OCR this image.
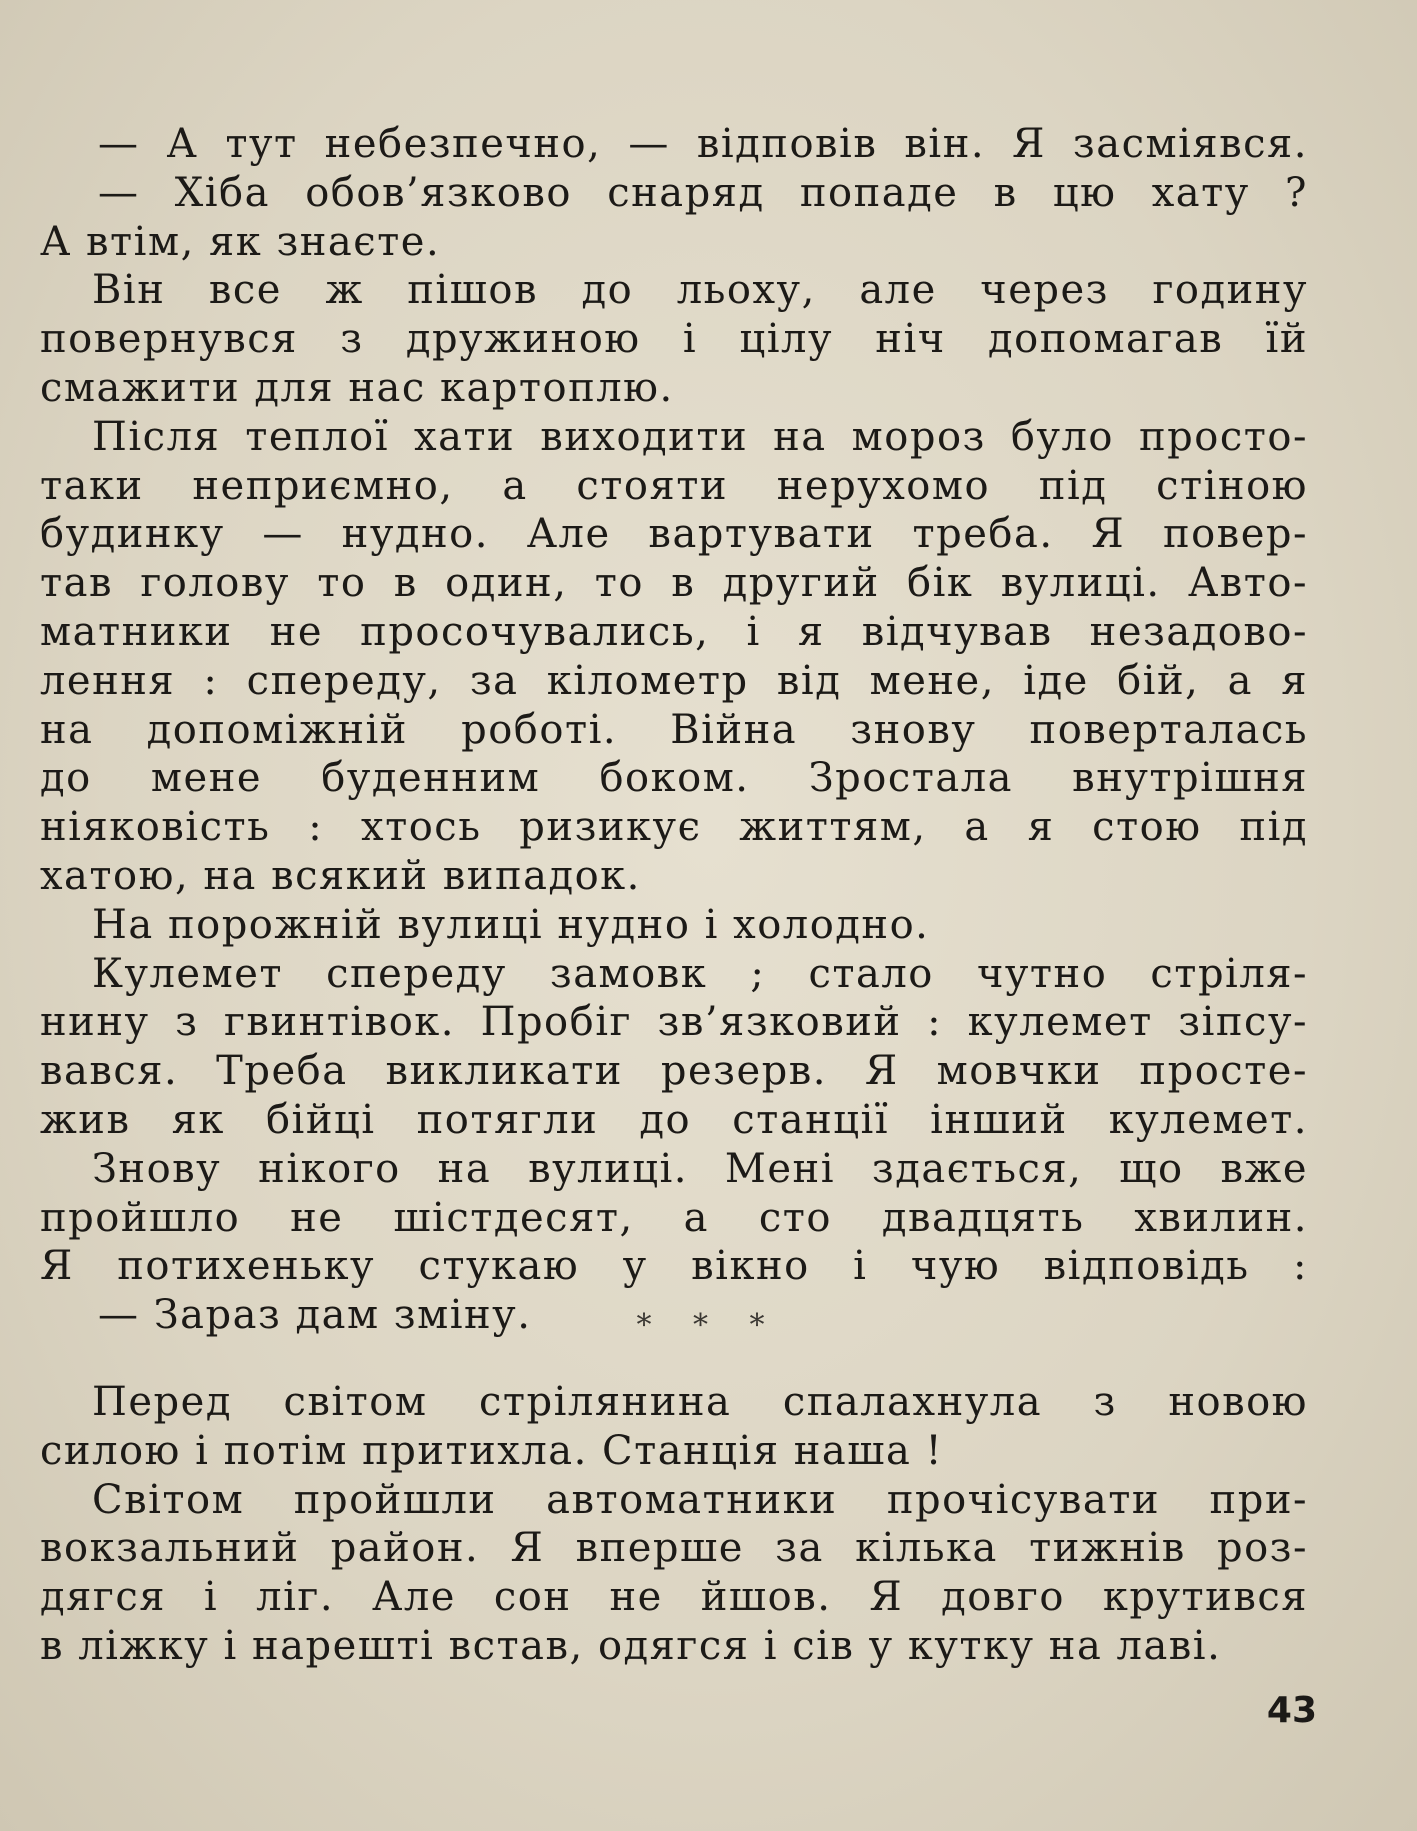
— А тут небезпечно, — відповів він. Я засміявся.
— Хіба обов’язково снаряд попаде в цю хату ?
А втім, як знаєте.
Він все ж пішов до льоху, але через годину
повернувся з дружиною і цілу ніч допомагав їй
смажити для нас картоплю.
Після теплої хати виходити на мороз було просто-
таки неприємно, а стояти нерухомо під стіною
будинку — нудно. Але вартувати треба. Я повер-
тав голову то в один, то в другий бік вулиці. Авто-
матники не просочувались, і я відчував незадово-
лення : спереду, за кілометр від мене, іде бій, а я
на допоміжній роботі. Війна знову поверталась
до мене буденним боком. Зростала внутрішня
ніяковість : хтось ризикує життям, а я стою під
хатою, на всякий випадок.
На порожній вулиці нудно і холодно.
Кулемет спереду замовк ; стало чутно стріля-
нину з гвинтівок. Пробіг зв’язковий : кулемет зіпсу-
вався. Треба викликати резерв. Я мовчки просте-
жив як бійці потягли до станції інший кулемет.
Знову нікого на вулиці. Мені здається, що вже
пройшло не шістдесят, а сто двадцять хвилин.
Я потихеньку стукаю у вікно і чую відповідь :
— Зараз дам зміну.	* * *
Перед світом стрілянина спалахнула з новою
силою і потім притихла. Станція наша !
Світом пройшли автоматники прочісувати при-
вокзальний район. Я вперше за кілька тижнів роз-
дягся і ліг. Але сон не йшов. Я довго крутився
в ліжку і нарешті встав, одягся і сів у кутку на лаві.
43
